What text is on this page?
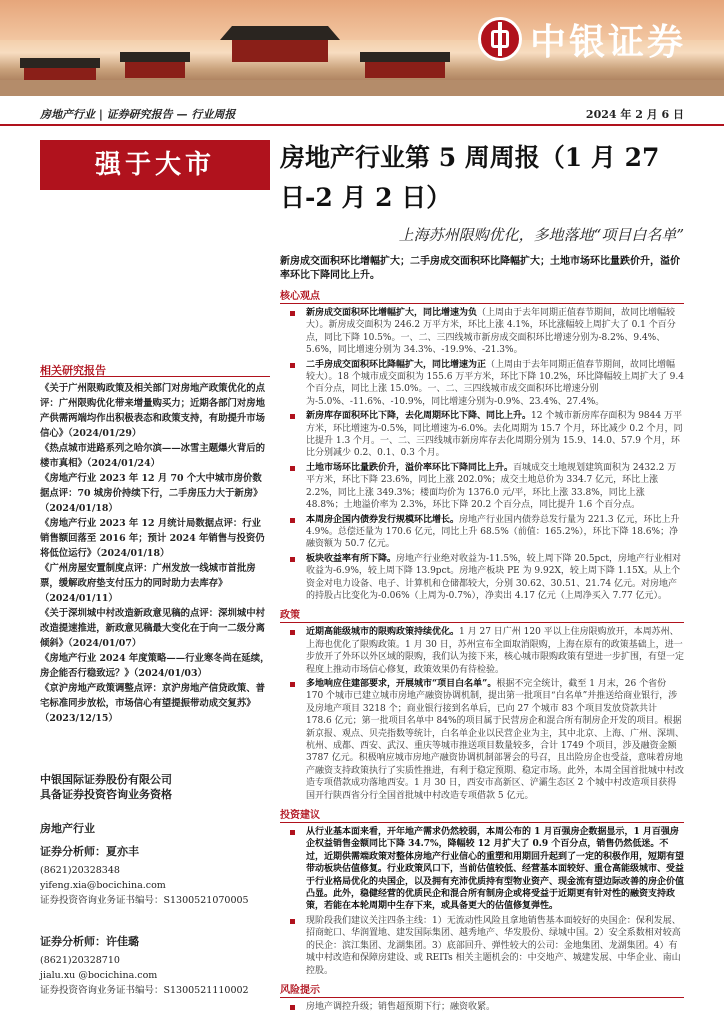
中银证券
房地产行业 | 证券研究报告 — 行业周报	2024 年 2 月 6 日
强于大市
相关研究报告

《关于广州限购政策及相关部门对房地产政策优化的点评：广州限购优化带来增量购买力；近期各部门对房地产供需两端均作出积极表态和政策支持，有助提升市场信心》（2024/01/29）

《热点城市进路系列之哈尔滨——冰雪主题爆火背后的楼市真相》（2024/01/24）

《房地产行业 2023 年 12 月 70 个大中城市房价数据点评：70 城房价持续下行，二手房压力大于新房》（2024/01/18）

《房地产行业 2023 年 12 月统计局数据点评：行业销售额回落至 2016 年；预计 2024 年销售与投资仍将低位运行》（2024/01/18）

《广州房屋安置制度点评：广州发放一线城市首批房票，缓解政府垫支付压力的同时助力去库存》（2024/01/11）

《关于深圳城中村改造新政意见稿的点评：深圳城中村改造提速推进，新政意见稿最大变化在于向一二级分离倾斜》（2024/01/07）

《房地产行业 2024 年度策略——行业寒冬尚在延续，房企能否行稳致远？》（2024/01/03）

《京沪房地产政策调整点评：京沪房地产信贷政策、普宅标准同步放松，市场信心有望提振带动成交复苏》（2023/12/15）

中银国际证券股份有限公司
具备证券投资咨询业务资格
房地产行业
证券分析师：夏亦丰
(8621)20328348
yifeng.xia@bocichina.com
证券投资咨询业务证书编号：S1300521070005
证券分析师：许佳璐
(8621)20328710
jialu.xu @bocichina.com
证券投资咨询业务证书编号：S1300521110002
房地产行业第 5 周周报（1 月 27 日-2 月 2 日）
上海苏州限购优化，多地落地“项目白名单”
新房成交面积环比增幅扩大；二手房成交面积环比降幅扩大；土地市场环比量跌价升，溢价率环比下降同比上升。
核心观点
新房成交面积环比增幅扩大，同比增速为负（上周由于去年同期正值春节期间，故同比增幅较大）。新房成交面积为 246.2 万平方米，环比上涨 4.1%，环比涨幅较上周扩大了 0.1 个百分点，同比下降 10.5%。一、二、三四线城市新房成交面积环比增速分别为-8.2%、9.4%、5.6%，同比增速分别为 34.3%、-19.9%、-21.3%。
二手房成交面积环比降幅扩大，同比增速为正（上周由于去年同期正值春节期间，故同比增幅较大）。18 个城市成交面积为 155.6 万平方米，环比下降 10.2%，环比降幅较上周扩大了 9.4 个百分点，同比上涨 15.0%。一、二、三四线城市成交面积环比增速分别为-5.0%、-11.6%、-10.9%，同比增速分别为-0.9%、23.4%、27.4%。
新房库存面积环比下降，去化周期环比下降、同比上升。12 个城市新房库存面积为 9844 万平方米，环比增速为-0.5%，同比增速为-6.0%。去化周期为 15.7 个月，环比减少 0.2 个月，同比提升 1.3 个月。一、二、三四线城市新房库存去化周期分别为 15.9、14.0、57.9 个月，环比分别减少 0.2、0.1、0.3 个月。
土地市场环比量跌价升，溢价率环比下降同比上升。百城成交土地规划建筑面积为 2432.2 万平方米，环比下降 23.6%，同比上涨 202.0%；成交土地总价为 334.7 亿元，环比上涨 2.2%，同比上涨 349.3%；楼面均价为 1376.0 元/平，环比上涨 33.8%，同比上涨 48.8%；土地溢价率为 2.3%，环比下降 20.2 个百分点，同比提升 1.6 个百分点。
本周房企国内债券发行规模环比增长。房地产行业国内债券总发行量为 221.3 亿元，环比上升 4.9%。总偿还量为 170.6 亿元，同比上升 68.5%（前值：165.2%），环比下降 18.6%；净融资额为 50.7 亿元。
板块收益率有所下降。房地产行业绝对收益为-11.5%，较上周下降 20.5pct，房地产行业相对收益为-6.9%，较上周下降 13.9pct。房地产板块 PE 为 9.92X，较上周下降 1.15X。从上个资金对电力设备、电子、计算机和仓储都较大，分别 30.62、30.51、21.74 亿元。对房地产的持股占比变化为-0.06%（上周为-0.7%），净卖出 4.17 亿元（上周净买入 7.77 亿元）。
政策
近期高能级城市的限购政策持续优化。1 月 27 日广州 120 平以上住房限购放开，本周苏州、上海也优化了限购政策。1 月 30 日，苏州宣布全面取消限购，上海在原有的政策基础上，进一步放开了外环以外区域的限购，我们认为接下来，核心城市限购政策有望进一步扩围，有望一定程度上推动市场信心修复，政策效果仍有待检验。
多地响应住建部要求，开展城市“项目白名单”。根据不完全统计，截至 1 月末，26 个省份 170 个城市已建立城市房地产融资协调机制，提出第一批项目“白名单”并推送给商业银行，涉及房地产项目 3218 个；商业银行接到名单后，已向 27 个城市 83 个项目发放贷款共计 178.6 亿元；第一批项目名单中 84%的项目属于民营房企和混合所有制房企开发的项目。根据新京报、观点、贝壳指数等统计，白名单企业以民营企业为主，其中北京、上海、广州、深圳、杭州、成都、西安、武汉、重庆等城市推送项目数量较多，合计 1749 个项目，涉及融资金额 3787 亿元。积极响应城市房地产融资协调机制部署会的号召，且出险房企也受益，意味着房地产融资支持政策执行了实质性推进，有利于稳定预期、稳定市场。此外，本周全国首批城中村改造专项借款成功落地西安。1 月 30 日，西安市高新区、浐灞生态区 2 个城中村改造项目获得国开行陕西省分行全国首批城中村改造专项借款 5 亿元。
投资建议
从行业基本面来看，开年地产需求仍然较弱，本周公布的 1 月百强房企数据显示，1 月百强房企权益销售金额同比下降 34.7%，降幅较 12 月扩大了 0.9 个百分点，销售仍然低迷。不过，近期供需端政策对整体房地产行业信心的重塑和用期回升起到了一定的积极作用，短期有望带动板块估值修复。行业政策风口下，当前估值较低、经营基本面较好、重仓高能级城市、受益于行业格局优化的央国企，以及拥有充沛优质持有型物业资产、现金流有望边际改善的房企价值凸显。此外，稳健经营的优质民企和混合所有制房企或将受益于近期更有针对性的融资支持政策，若能在本轮周期中生存下来，或具备更大的估值修复弹性。
现阶段我们建议关注四条主线：1）无流动性风险且拿地销售基本面较好的央国企：保利发展、招商蛇口、华润置地、建发国际集团、越秀地产、华发股份、绿城中国。2）安全系数相对较高的民企：滨江集团、龙湖集团。3）底部回升、弹性较大的公司：金地集团、龙湖集团。4）有城中村改造和保障房建设、或 REITs 相关主题机会的：中交地产、城建发展、中华企业、南山控股。
风险提示
房地产调控升级；销售超预期下行；融资收紧。
